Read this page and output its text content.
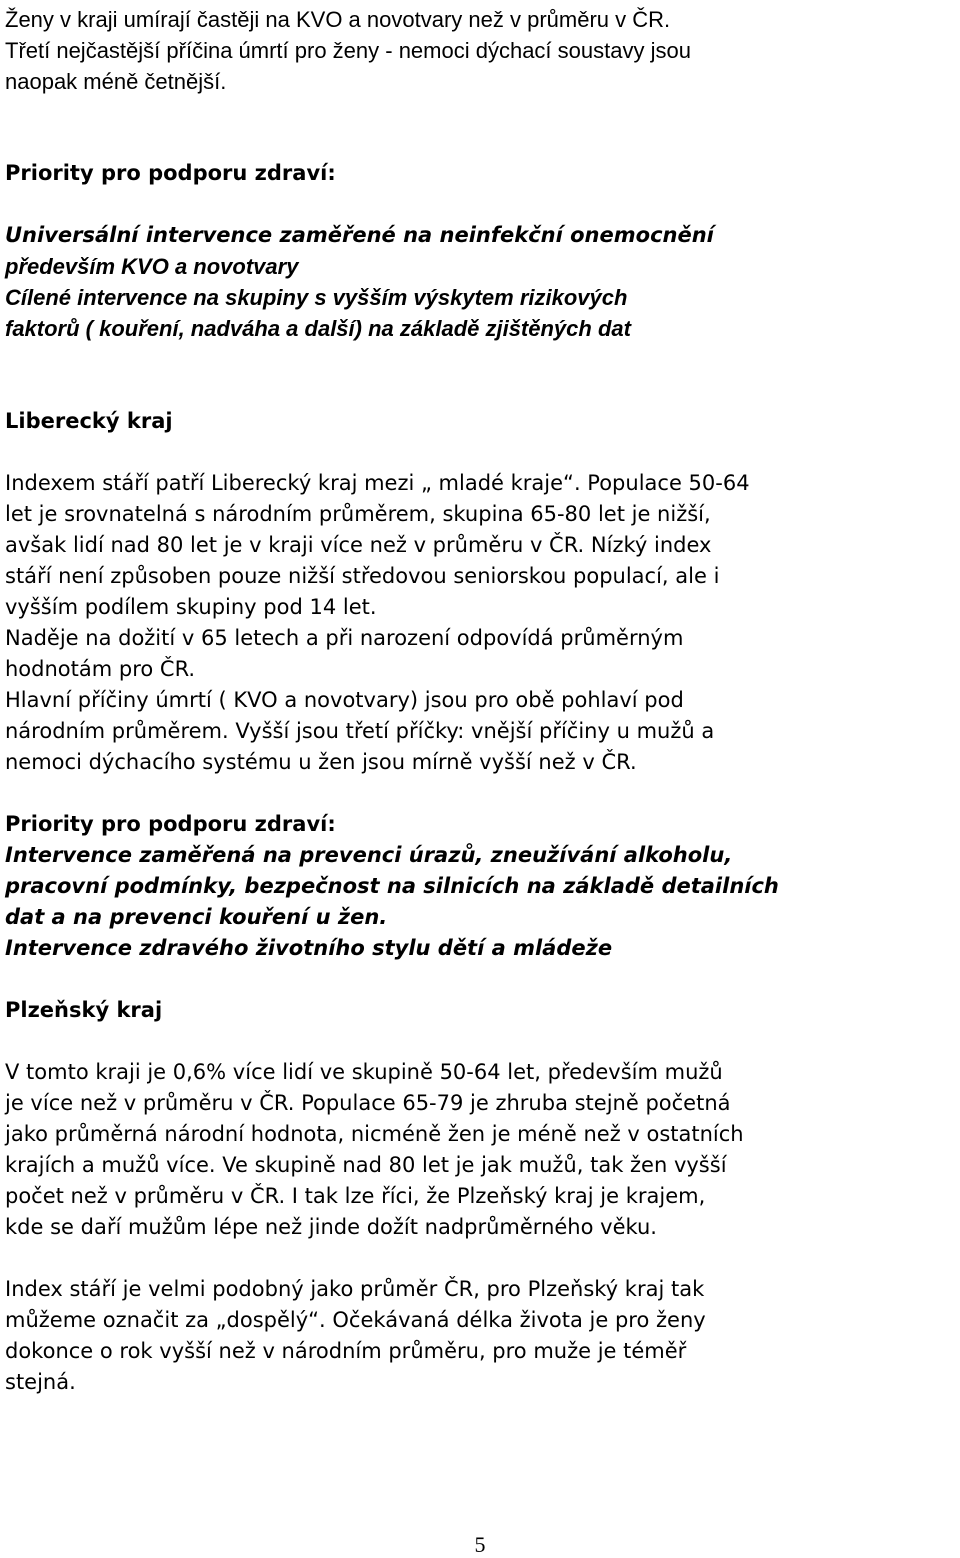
Ženy v kraji umírají častěji na KVO a novotvary než v průměru v ČR.
Třetí nejčastější příčina úmrtí pro ženy - nemoci dýchací soustavy jsou
naopak méně četnější.
Priority pro podporu zdraví:
Universální intervence zaměřené na neinfekční onemocnění
především KVO a novotvary
Cílené intervence na skupiny s vyšším výskytem rizikových
faktorů ( kouření, nadváha a další) na základě zjištěných dat
Liberecký kraj
Indexem stáří patří Liberecký kraj mezi „ mladé kraje“. Populace 50-64
let je srovnatelná s národním průměrem, skupina 65-80 let je nižší,
avšak lidí nad 80 let je v kraji více než v průměru v ČR. Nízký index
stáří není způsoben pouze nižší středovou seniorskou populací, ale i
vyšším podílem skupiny pod 14 let.
Naděje na dožití v 65 letech a při narození odpovídá průměrným
hodnotám pro ČR.
Hlavní příčiny úmrtí ( KVO a novotvary) jsou pro obě pohlaví pod
národním průměrem. Vyšší jsou třetí příčky: vnější příčiny u mužů a
nemoci dýchacího systému u žen jsou mírně vyšší než v ČR.
Priority pro podporu zdraví:
Intervence zaměřená na prevenci úrazů, zneužívání alkoholu,
pracovní podmínky, bezpečnost na silnicích na základě detailních
dat a na prevenci kouření u žen.
Intervence zdravého životního stylu dětí a mládeže
Plzeňský kraj
V tomto kraji je 0,6% více lidí ve skupině 50-64 let, především mužů
je více než v průměru v ČR. Populace 65-79 je zhruba stejně početná
jako průměrná národní hodnota, nicméně žen je méně než v ostatních
krajích a mužů více. Ve skupině nad 80 let je jak mužů, tak žen vyšší
počet než v průměru v ČR. I tak lze říci, že Plzeňský kraj je krajem,
kde se daří mužům lépe než jinde dožít nadprůměrného věku.
Index stáří je velmi podobný jako průměr ČR, pro Plzeňský kraj tak
můžeme označit za „dospělý“. Očekávaná délka života je pro ženy
dokonce o rok vyšší než v národním průměru, pro muže je téměř
stejná.
5
